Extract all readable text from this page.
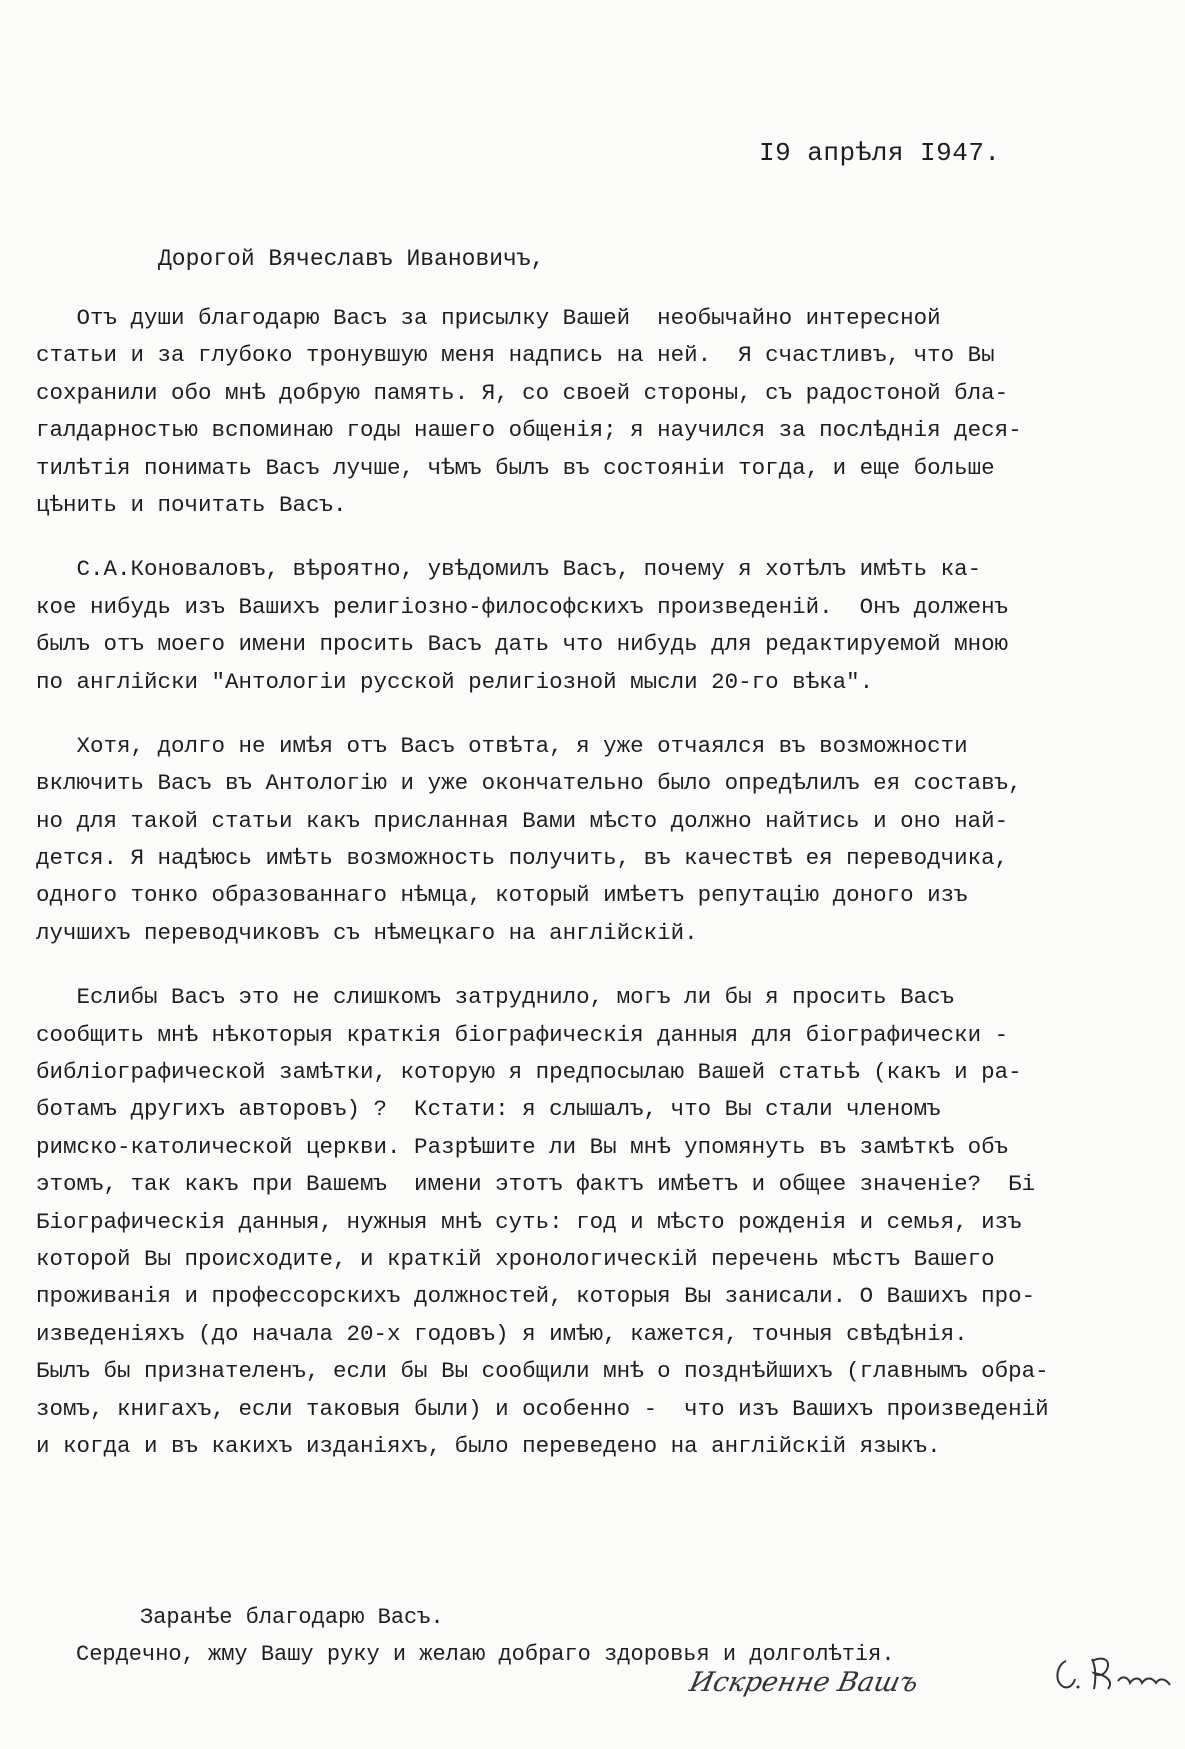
I9 апрѣля I947.
Дорогой Вячеславъ Ивановичъ,
Отъ души благодарю Васъ за присылку Вашей  необычайно интересной
статьи и за глубоко тронувшую меня надпись на ней.  Я счастливъ, что Вы
сохранили обо мнѣ добрую память. Я, со своей стороны, съ радостоной бла-
галдарностью вспоминаю годы нашего общенія; я научился за послѣднія деся-
тилѣтія понимать Васъ лучше, чѣмъ былъ въ состояніи тогда, и еще больше
цѣнить и почитать Васъ.
С.А.Коноваловъ, вѣроятно, увѣдомилъ Васъ, почему я хотѣлъ имѣть ка-
кое нибудь изъ Вашихъ религіозно-философскихъ произведеній.  Онъ долженъ
былъ отъ моего имени просить Васъ дать что нибудь для редактируемой мною
по англійски "Антологіи русской религіозной мысли 20-го вѣка".
Хотя, долго не имѣя отъ Васъ отвѣта, я уже отчаялся въ возможности
включить Васъ въ Антологію и уже окончательно было опредѣлилъ ея составъ,
но для такой статьи какъ присланная Вами мѣсто должно найтись и оно най-
дется. Я надѣюсь имѣть возможность получить, въ качествѣ ея переводчика,
одного тонко образованнаго нѣмца, который имѣетъ репутацію доного изъ
лучшихъ переводчиковъ съ нѣмецкаго на англійскій.
Еслибы Васъ это не слишкомъ затруднило, могъ ли бы я просить Васъ
сообщить мнѣ нѣкоторыя краткія біографическія данныя для біографически -
библіографической замѣтки, которую я предпосылаю Вашей статьѣ (какъ и ра-
ботамъ другихъ авторовъ) ?  Кстати: я слышалъ, что Вы стали членомъ
римско-католической церкви. Разрѣшите ли Вы мнѣ упомянуть въ замѣткѣ объ
этомъ, так какъ при Вашемъ  имени этотъ фактъ имѣетъ и общее значеніе?  Бі
Біографическія данныя, нужныя мнѣ суть: год и мѣсто рожденія и семья, изъ
которой Вы происходите, и краткій хронологическій перечень мѣстъ Вашего
проживанія и профессорскихъ должностей, которыя Вы занисали. О Вашихъ про-
изведеніяхъ (до начала 20-х годовъ) я имѣю, кажется, точныя свѣдѣнія.
Былъ бы признателенъ, если бы Вы сообщили мнѣ о позднѣйшихъ (главнымъ обра-
зомъ, книгахъ, если таковыя были) и особенно -  что изъ Вашихъ произведеній
и когда и въ какихъ изданіяхъ, было переведено на англійскій языкъ.
Заранѣе благодарю Васъ.
Сердечно, жму Вашу руку и желаю добраго здоровья и долголѣтія.
Искренне Вашъ
